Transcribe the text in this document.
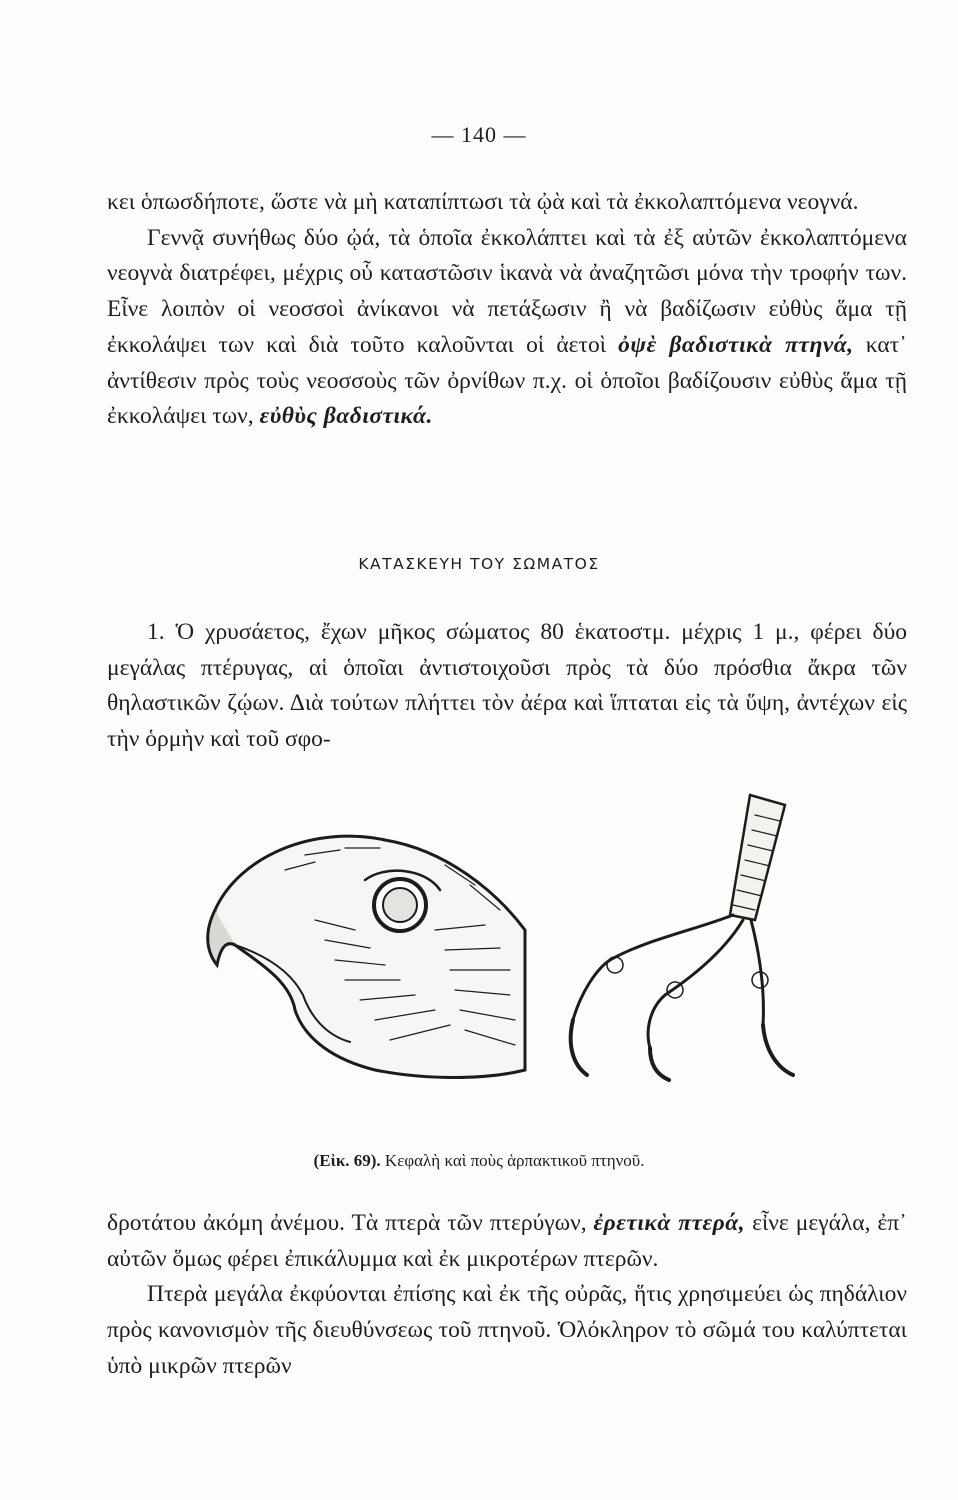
— 140 —

κει ὁπωσδήποτε, ὥστε νὰ μὴ καταπίπτωσι τὰ ᾠὰ καὶ τὰ ἐκκολαπτόμενα νεογνά.

Γεννᾷ συνήθως δύο ᾠά, τὰ ὁποῖα ἐκκολάπτει καὶ τὰ ἐξ αὐτῶν ἐκκολαπτόμενα νεογνὰ διατρέφει, μέχρις οὗ καταστῶσιν ἱκανὰ νὰ ἀναζητῶσι μόνα τὴν τροφήν των. Εἶνε λοιπὸν οἱ νεοσσοὶ ἀνίκανοι νὰ πετάξωσιν ἢ νὰ βαδίζωσιν εὐθὺς ἅμα τῇ ἐκκολάψει των καὶ διὰ τοῦτο καλοῦνται οἱ ἀετοὶ ὀψὲ βαδιστικὰ πτηνά, κατ᾽ ἀντίθεσιν πρὸς τοὺς νεοσσοὺς τῶν ὀρνίθων π.χ. οἱ ὁποῖοι βαδίζουσιν εὐθὺς ἅμα τῇ ἐκκολάψει των, εὐθὺς βαδιστικά.

ΚΑΤΑΣΚΕΥΗ ΤΟΥ ΣΩΜΑΤΟΣ

1. Ὁ χρυσάετος, ἔχων μῆκος σώματος 80 ἑκατοστμ. μέχρις 1 μ., φέρει δύο μεγάλας πτέρυγας, αἱ ὁποῖαι ἀντιστοιχοῦσι πρὸς τὰ δύο πρόσθια ἄκρα τῶν θηλαστικῶν ζῴων. Διὰ τούτων πλήττει τὸν ἀέρα καὶ ἵπταται εἰς τὰ ὕψη, ἀντέχων εἰς τὴν ὁρμὴν καὶ τοῦ σφο-

(Εἰκ. 69). Κεφαλὴ καὶ ποὺς ἁρπακτικοῦ πτηνοῦ.

δροτάτου ἀκόμη ἀνέμου. Τὰ πτερὰ τῶν πτερύγων, ἐρετικὰ πτερά, εἶνε μεγάλα, ἐπ᾽ αὐτῶν ὅμως φέρει ἐπικάλυμμα καὶ ἐκ μικροτέρων πτερῶν.

Πτερὰ μεγάλα ἐκφύονται ἐπίσης καὶ ἐκ τῆς οὐρᾶς, ἥτις χρησιμεύει ὡς πηδάλιον πρὸς κανονισμὸν τῆς διευθύνσεως τοῦ πτηνοῦ. Ὁλόκληρον τὸ σῶμά του καλύπτεται ὑπὸ μικρῶν πτερῶν
